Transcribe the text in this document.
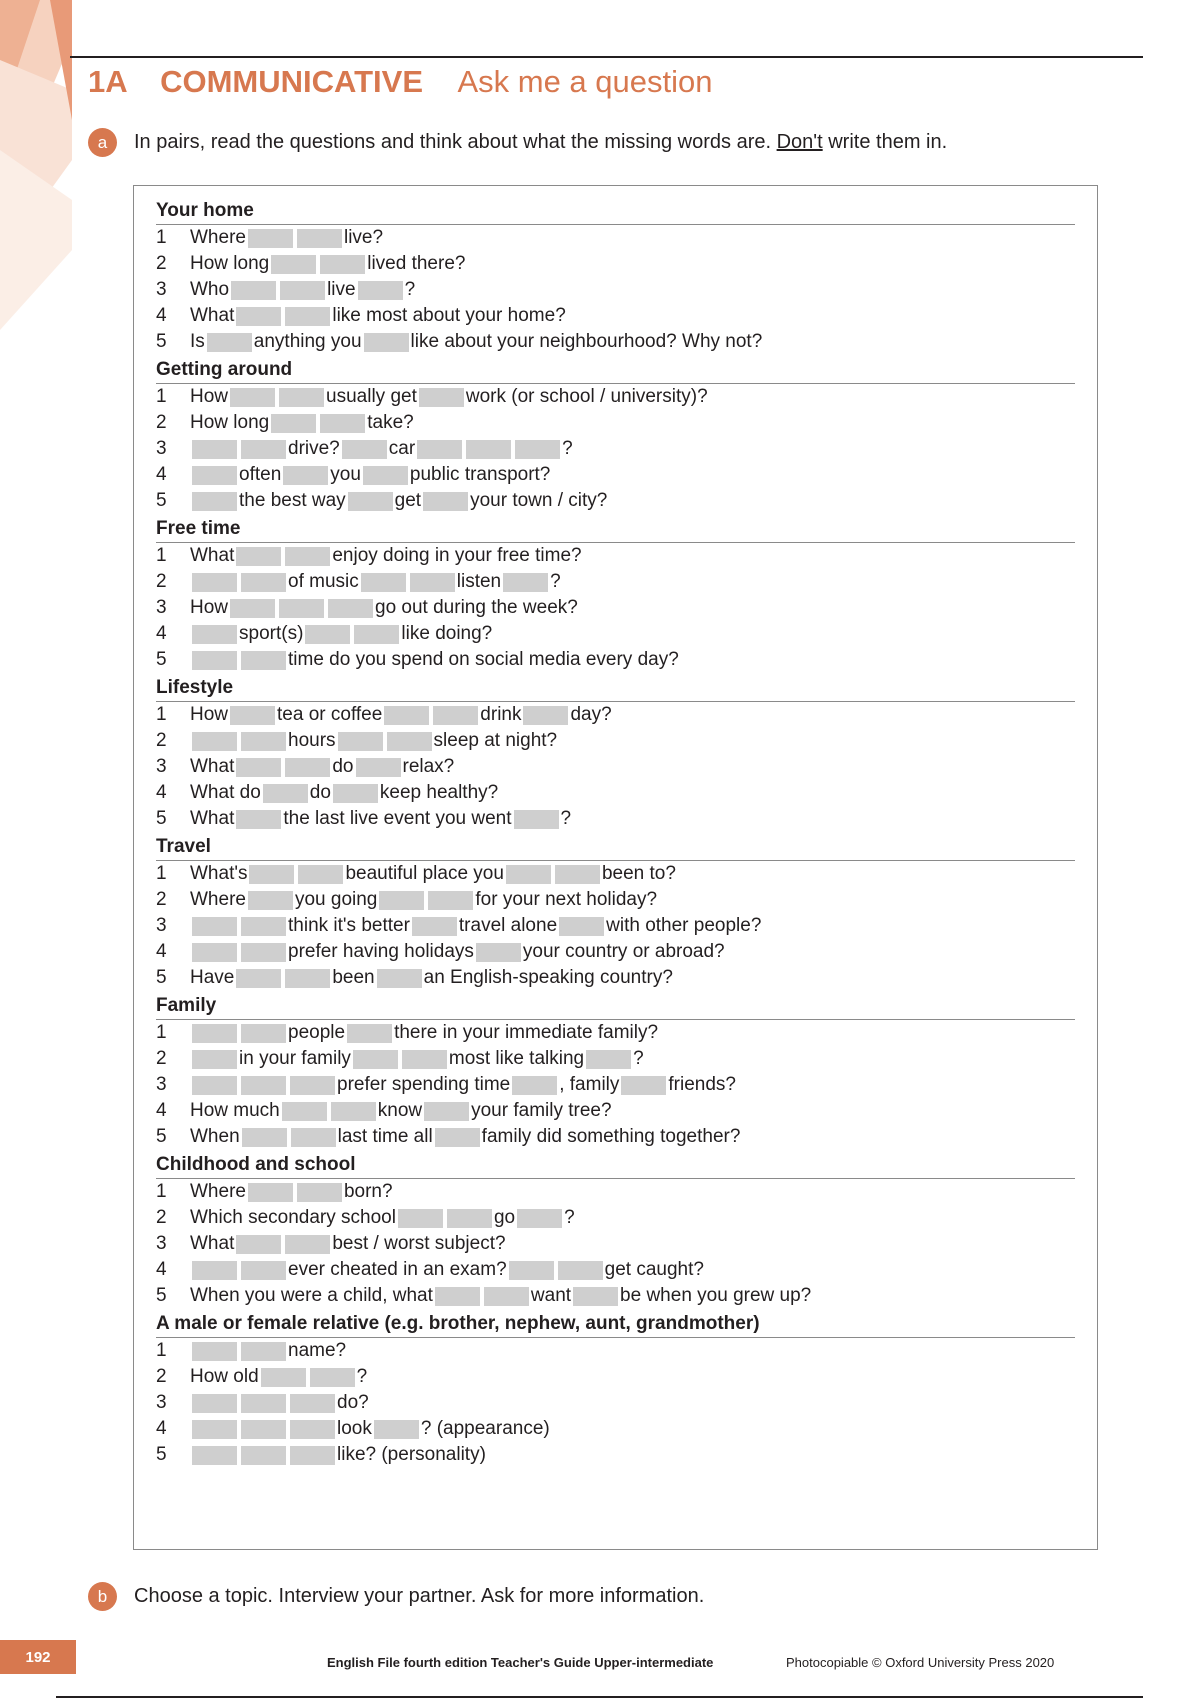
1A COMMUNICATIVE Ask me a question
a	In pairs, read the questions and think about what the missing words are. Don't write them in.
Your home
1	Where	live?
2	How long	lived there?
3	Who	live	?
4	What	like most about your home?
5	Is	anything you	like about your neighbourhood? Why not?
Getting around
1	How	usually get	work (or school / university)?
2	How long	take?
3	drive?	car	?
4	often	you	public transport?
5	the best way	get	your town / city?
Free time
1	What	enjoy doing in your free time?
2	of music	listen	?
3	How	go out during the week?
4	sport(s)	like doing?
5	time do you spend on social media every day?
Lifestyle
1	How	tea or coffee	drink	day?
2	hours	sleep at night?
3	What	do	relax?
4	What do	do	keep healthy?
5	What	the last live event you went	?
Travel
1	What's	beautiful place you	been to?
2	Where	you going	for your next holiday?
3	think it's better	travel alone	with other people?
4	prefer having holidays	your country or abroad?
5	Have	been	an English-speaking country?
Family
1	people	there in your immediate family?
2	in your family	most like talking	?
3	prefer spending time	, family	friends?
4	How much	know	your family tree?
5	When	last time all	family did something together?
Childhood and school
1	Where	born?
2	Which secondary school	go	?
3	What	best / worst subject?
4	ever cheated in an exam?	get caught?
5	When you were a child, what	want	be when you grew up?
A male or female relative (e.g. brother, nephew, aunt, grandmother)
1	name?
2	How old	?
3	do?
4	look	? (appearance)
5	like? (personality)
b	Choose a topic. Interview your partner. Ask for more information.
192	English File fourth edition Teacher's Guide Upper-intermediate	Photocopiable © Oxford University Press 2020
